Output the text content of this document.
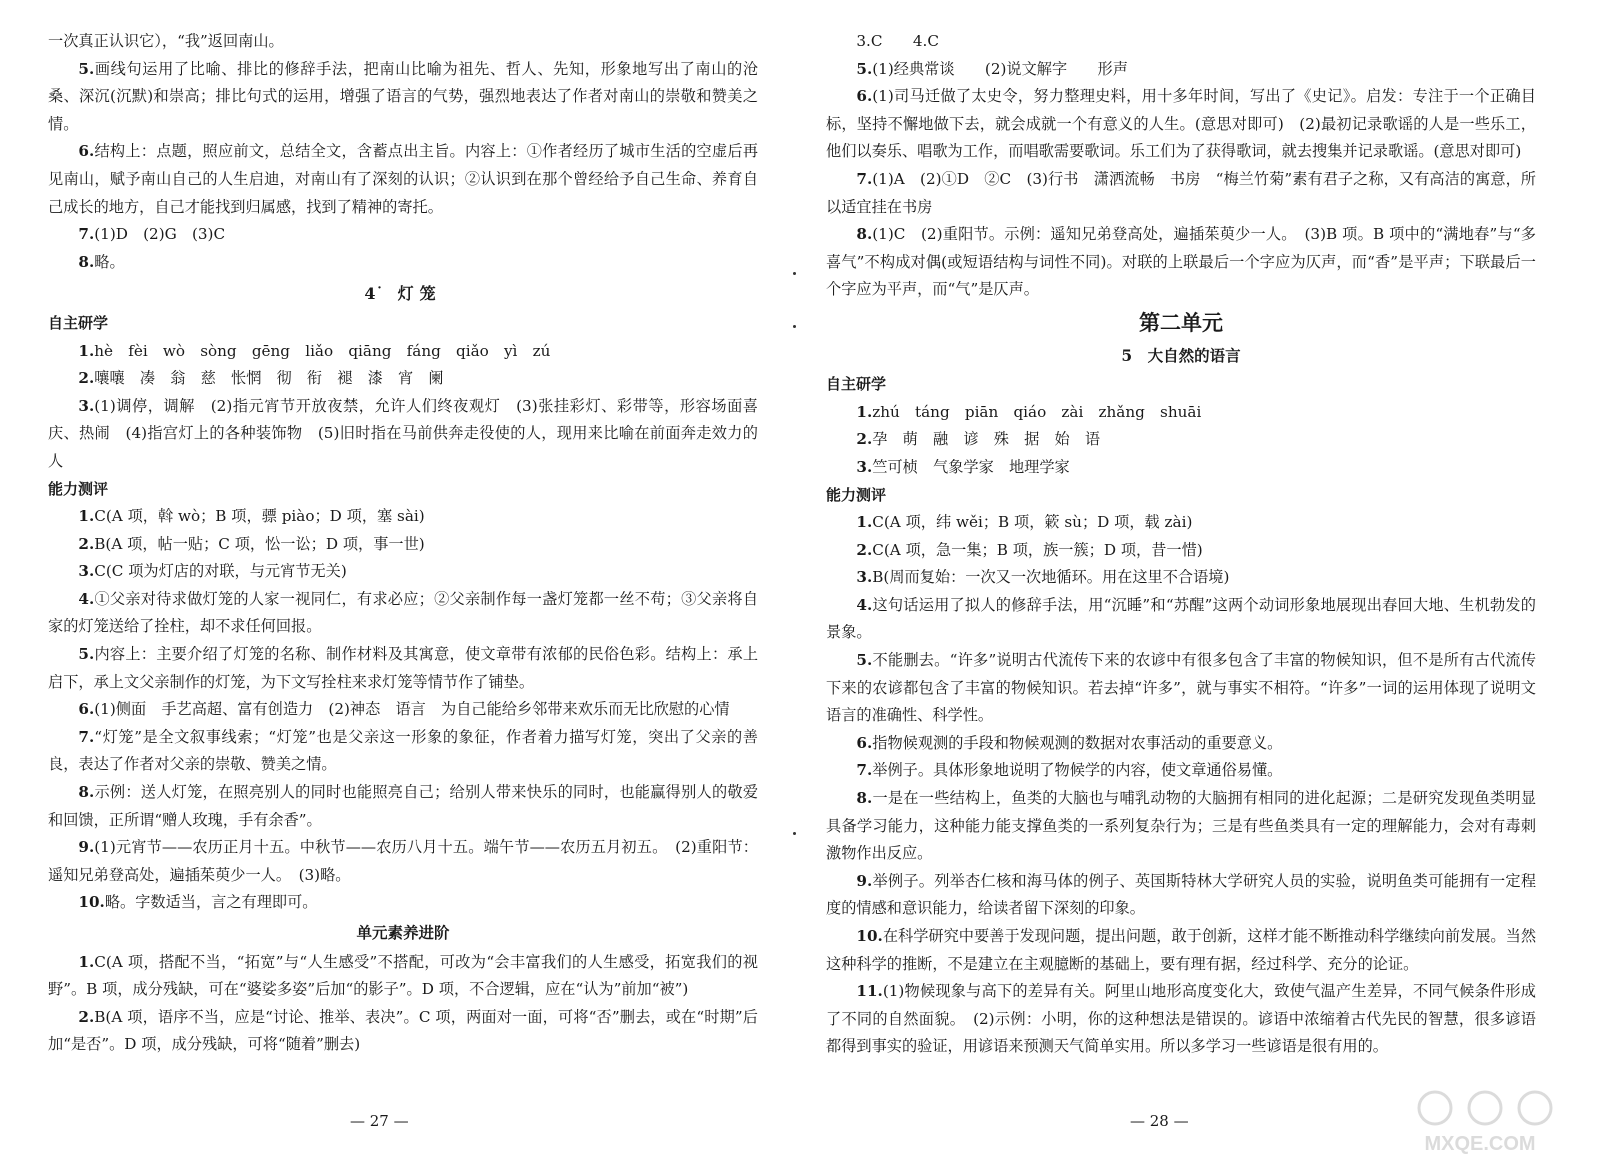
一次真正认识它），“我”返回南山。

5.画线句运用了比喻、排比的修辞手法，把南山比喻为祖先、哲人、先知，形象地写出了南山的沧桑、深沉(沉默)和崇高；排比句式的运用，增强了语言的气势，强烈地表达了作者对南山的崇敬和赞美之情。

6.结构上：点题，照应前文，总结全文，含蓄点出主旨。内容上：①作者经历了城市生活的空虚后再见南山，赋予南山自己的人生启迪，对南山有了深刻的认识；②认识到在那个曾经给予自己生命、养育自己成长的地方，自己才能找到归属感，找到了精神的寄托。

7.(1)D　(2)G　(3)C

8.略。

4˙ 灯笼

自主研学

1.hè　fèi　wò　sòng　gēng　liǎo　qiāng　fáng　qiǎo　yì　zú

2.嚷嚷　凑　翁　慈　怅惘　彻　衔　褪　漆　宵　阑

3.(1)调停，调解　(2)指元宵节开放夜禁，允许人们终夜观灯　(3)张挂彩灯、彩带等，形容场面喜庆、热闹　(4)指宫灯上的各种装饰物　(5)旧时指在马前供奔走役使的人，现用来比喻在前面奔走效力的人

能力测评

1.C(A 项，斡 wò；B 项，骠 piào；D 项，塞 sài)

2.B(A 项，帖一贴；C 项，忪一讼；D 项，事一世)

3.C(C 项为灯店的对联，与元宵节无关)

4.①父亲对待求做灯笼的人家一视同仁，有求必应；②父亲制作每一盏灯笼都一丝不苟；③父亲将自家的灯笼送给了拴柱，却不求任何回报。

5.内容上：主要介绍了灯笼的名称、制作材料及其寓意，使文章带有浓郁的民俗色彩。结构上：承上启下，承上文父亲制作的灯笼，为下文写拴柱来求灯笼等情节作了铺垫。

6.(1)侧面　手艺高超、富有创造力　(2)神态　语言　为自己能给乡邻带来欢乐而无比欣慰的心情

7.“灯笼”是全文叙事线索；“灯笼”也是父亲这一形象的象征，作者着力描写灯笼，突出了父亲的善良，表达了作者对父亲的崇敬、赞美之情。

8.示例：送人灯笼，在照亮别人的同时也能照亮自己；给别人带来快乐的同时，也能赢得别人的敬爱和回馈，正所谓“赠人玫瑰，手有余香”。

9.(1)元宵节——农历正月十五。中秋节——农历八月十五。端午节——农历五月初五。　(2)重阳节：遥知兄弟登高处，遍插茱萸少一人。　(3)略。

10.略。字数适当，言之有理即可。

单元素养进阶

1.C(A 项，搭配不当，“拓宽”与“人生感受”不搭配，可改为“会丰富我们的人生感受，拓宽我们的视野”。B 项，成分残缺，可在“婆娑多姿”后加“的影子”。D 项，不合逻辑，应在“认为”前加“被”)

2.B(A 项，语序不当，应是“讨论、推举、表决”。C 项，两面对一面，可将“否”删去，或在“时期”后加“是否”。D 项，成分残缺，可将“随着”删去)

— 27 —

3.C　　4.C

5.(1)经典常谈　　(2)说文解字　　形声

6.(1)司马迁做了太史令，努力整理史料，用十多年时间，写出了《史记》。启发：专注于一个正确目标，坚持不懈地做下去，就会成就一个有意义的人生。(意思对即可)　(2)最初记录歌谣的人是一些乐工，他们以奏乐、唱歌为工作，而唱歌需要歌词。乐工们为了获得歌词，就去搜集并记录歌谣。(意思对即可)

7.(1)A　(2)①D　②C　(3)行书　潇洒流畅　书房　“梅兰竹菊”素有君子之称，又有高洁的寓意，所以适宜挂在书房

8.(1)C　(2)重阳节。示例：遥知兄弟登高处，遍插茱萸少一人。　(3)B 项。B 项中的“满地春”与“多喜气”不构成对偶(或短语结构与词性不同)。对联的上联最后一个字应为仄声，而“香”是平声；下联最后一个字应为平声，而“气”是仄声。

第二单元
5　大自然的语言

自主研学

1.zhú　táng　piān　qiáo　zài　zhǎng　shuāi

2.孕　萌　融　谚　殊　据　始　语

3.竺可桢　气象学家　地理学家

能力测评

1.C(A 项，纬 wěi；B 项，簌 sù；D 项，载 zài)

2.C(A 项，急一集；B 项，族一簇；D 项，昔一惜)

3.B(周而复始：一次又一次地循环。用在这里不合语境)

4.这句话运用了拟人的修辞手法，用“沉睡”和“苏醒”这两个动词形象地展现出春回大地、生机勃发的景象。

5.不能删去。“许多”说明古代流传下来的农谚中有很多包含了丰富的物候知识，但不是所有古代流传下来的农谚都包含了丰富的物候知识。若去掉“许多”，就与事实不相符。“许多”一词的运用体现了说明文语言的准确性、科学性。

6.指物候观测的手段和物候观测的数据对农事活动的重要意义。

7.举例子。具体形象地说明了物候学的内容，使文章通俗易懂。

8.一是在一些结构上，鱼类的大脑也与哺乳动物的大脑拥有相同的进化起源；二是研究发现鱼类明显具备学习能力，这种能力能支撑鱼类的一系列复杂行为；三是有些鱼类具有一定的理解能力，会对有毒刺激物作出反应。

9.举例子。列举杏仁核和海马体的例子、英国斯特林大学研究人员的实验，说明鱼类可能拥有一定程度的情感和意识能力，给读者留下深刻的印象。

10.在科学研究中要善于发现问题，提出问题，敢于创新，这样才能不断推动科学继续向前发展。当然这种科学的推断，不是建立在主观臆断的基础上，要有理有据，经过科学、充分的论证。

11.(1)物候现象与高下的差异有关。阿里山地形高度变化大，致使气温产生差异，不同气候条件形成了不同的自然面貌。　(2)示例：小明，你的这种想法是错误的。谚语中浓缩着古代先民的智慧，很多谚语都得到事实的验证，用谚语来预测天气简单实用。所以多学习一些谚语是很有用的。

— 28 —
MXQE.COM
